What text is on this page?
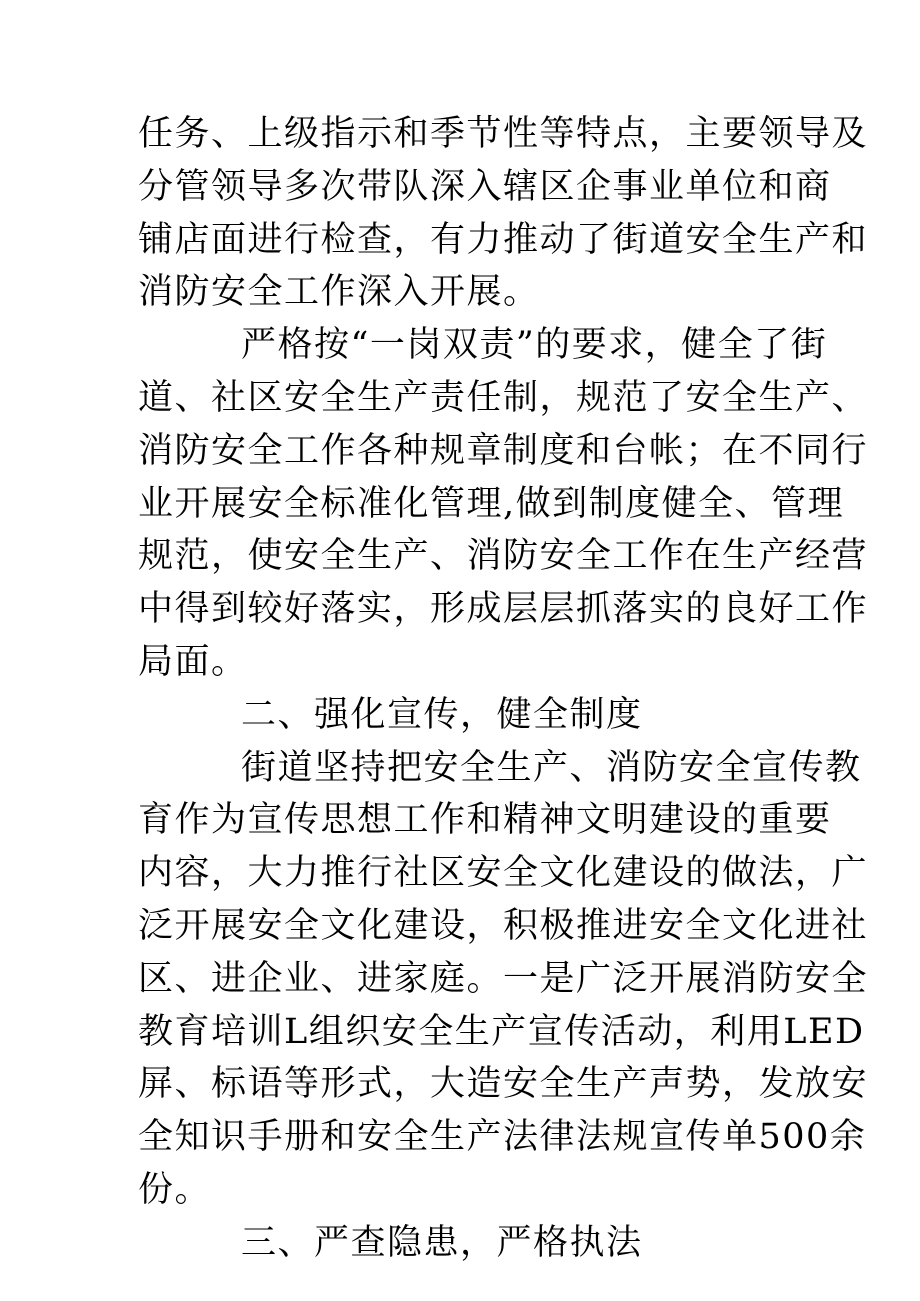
任务、上级指示和季节性等特点，主要领导及
分管领导多次带队深入辖区企事业单位和商
铺店面进行检查，有力推动了街道安全生产和
消防安全工作深入开展。
严格按“一岗双责”的要求，健全了街
道、社区安全生产责任制，规范了安全生产、
消防安全工作各种规章制度和台帐；在不同行
业开展安全标准化管理,做到制度健全、管理
规范，使安全生产、消防安全工作在生产经营
中得到较好落实，形成层层抓落实的良好工作
局面。
二、强化宣传，健全制度
街道坚持把安全生产、消防安全宣传教
育作为宣传思想工作和精神文明建设的重要
内容，大力推行社区安全文化建设的做法，广
泛开展安全文化建设，积极推进安全文化进社
区、进企业、进家庭。一是广泛开展消防安全
教育培训L组织安全生产宣传活动，利用LED
屏、标语等形式，大造安全生产声势，发放安
全知识手册和安全生产法律法规宣传单500余
份。
三、严查隐患，严格执法
